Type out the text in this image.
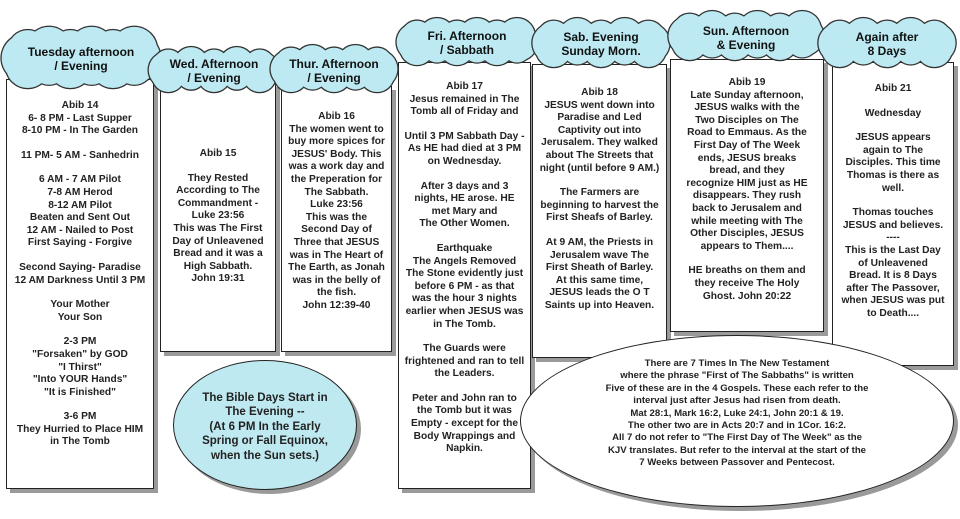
Abib 14
6- 8 PM - Last Supper
8-10 PM - In The Garden
11 PM- 5 AM - Sanhedrin
6 AM - 7 AM Pilot
7-8 AM Herod
8-12 AM Pilot
Beaten and Sent Out
12 AM - Nailed to Post
First Saying - Forgive
Second Saying- Paradise
12 AM Darkness Until 3 PM
Your Mother
Your Son
2-3 PM
"Forsaken" by GOD
"I Thirst"
"Into YOUR Hands"
"It is Finished"
3-6 PM
They Hurried to Place HIM
in The Tomb
Abib 15
They Rested
According to The
Commandment -
Luke 23:56
This was The First
Day of Unleavened
Bread and it was a
High Sabbath.
John 19:31
Abib 16
The women went to
buy more spices for
JESUS' Body. This
was a work day and
the Preperation for
The Sabbath.
Luke 23:56
This was the
Second Day of
Three that JESUS
was in The Heart of
The Earth, as Jonah
was in the belly of
the fish.
John 12:39-40
Abib 17
Jesus remained in The
Tomb all of Friday and
Until 3 PM Sabbath Day -
As HE had died at 3 PM
on Wednesday.
After 3 days and 3
nights, HE arose. HE
met Mary and
The Other Women.
Earthquake
The Angels Removed
The Stone evidently just
before 6 PM - as that
was the hour 3 nights
earlier when JESUS was
in The Tomb.
The Guards were
frightened and ran to tell
the Leaders.
Peter and John ran to
the Tomb but it was
Empty - except for the
Body Wrappings and
Napkin.
Abib 18
JESUS went down into
Paradise and Led
Captivity out into
Jerusalem. They walked
about The Streets that
night (until before 9 AM.)
The Farmers are
beginning to harvest the
First Sheafs of Barley.
At 9 AM, the Priests in
Jerusalem wave The
First Sheath of Barley.
At this same time,
JESUS leads the O T
Saints up into Heaven.
Abib 19
Late Sunday afternoon,
JESUS walks with the
Two Disciples on The
Road to Emmaus. As the
First Day of The Week
ends, JESUS breaks
bread, and they
recognize HIM just as HE
disappears. They rush
back to Jerusalem and
while meeting with The
Other Disciples, JESUS
appears to Them....
HE breaths on them and
they receive The Holy
Ghost. John 20:22
Abib 21
Wednesday
JESUS appears
again to The
Disciples. This time
Thomas is there as
well.
Thomas touches
JESUS and believes.
----
This is the Last Day
of Unleavened
Bread. It is 8 Days
after The Passover,
when JESUS was put
to Death....
Tuesday afternoon
/ Evening	Wed. Afternoon
/ Evening
Thur. Afternoon
/ Evening
Fri. Afternoon
/ Sabbath
Sab. Evening
Sunday Morn.
Sun. Afternoon
& Evening
Again after
8 Days
The Bible Days Start in
The Evening --
(At 6 PM In the Early
Spring or Fall Equinox,
when the Sun sets.)
There are 7 Times In The New Testament
where the phrase "First of The Sabbaths" is written
Five of these are in the 4 Gospels. These each refer to the
interval just after Jesus had risen from death.
Mat 28:1, Mark 16:2, Luke 24:1, John 20:1 & 19.
The other two are in Acts 20:7 and in 1Cor. 16:2.
All 7 do not refer to "The First Day of The Week" as the
KJV translates. But refer to the interval at the start of the
7 Weeks between Passover and Pentecost.
